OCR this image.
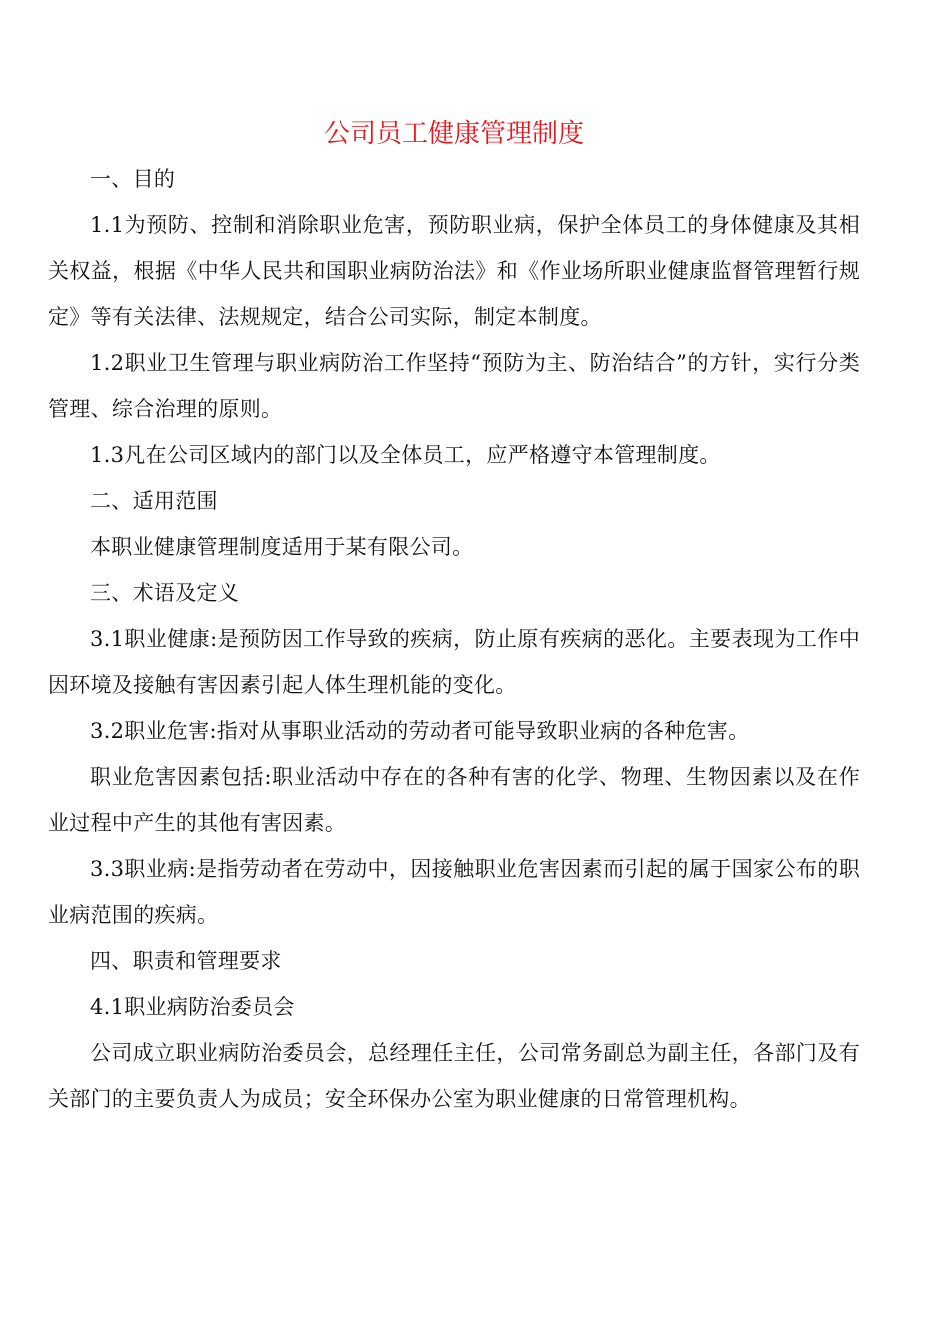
公司员工健康管理制度

一、目的

1.1为预防、控制和消除职业危害，预防职业病，保护全体员工的身体健康及其相关权益，根据《中华人民共和国职业病防治法》和《作业场所职业健康监督管理暂行规定》等有关法律、法规规定，结合公司实际，制定本制度。

1.2职业卫生管理与职业病防治工作坚持“预防为主、防治结合”的方针，实行分类管理、综合治理的原则。

1.3凡在公司区域内的部门以及全体员工，应严格遵守本管理制度。

二、适用范围

本职业健康管理制度适用于某有限公司。

三、术语及定义

3.1职业健康:是预防因工作导致的疾病，防止原有疾病的恶化。主要表现为工作中因环境及接触有害因素引起人体生理机能的变化。

3.2职业危害:指对从事职业活动的劳动者可能导致职业病的各种危害。

职业危害因素包括:职业活动中存在的各种有害的化学、物理、生物因素以及在作业过程中产生的其他有害因素。

3.3职业病:是指劳动者在劳动中，因接触职业危害因素而引起的属于国家公布的职业病范围的疾病。

四、职责和管理要求

4.1职业病防治委员会

公司成立职业病防治委员会，总经理任主任，公司常务副总为副主任，各部门及有关部门的主要负责人为成员；安全环保办公室为职业健康的日常管理机构。
